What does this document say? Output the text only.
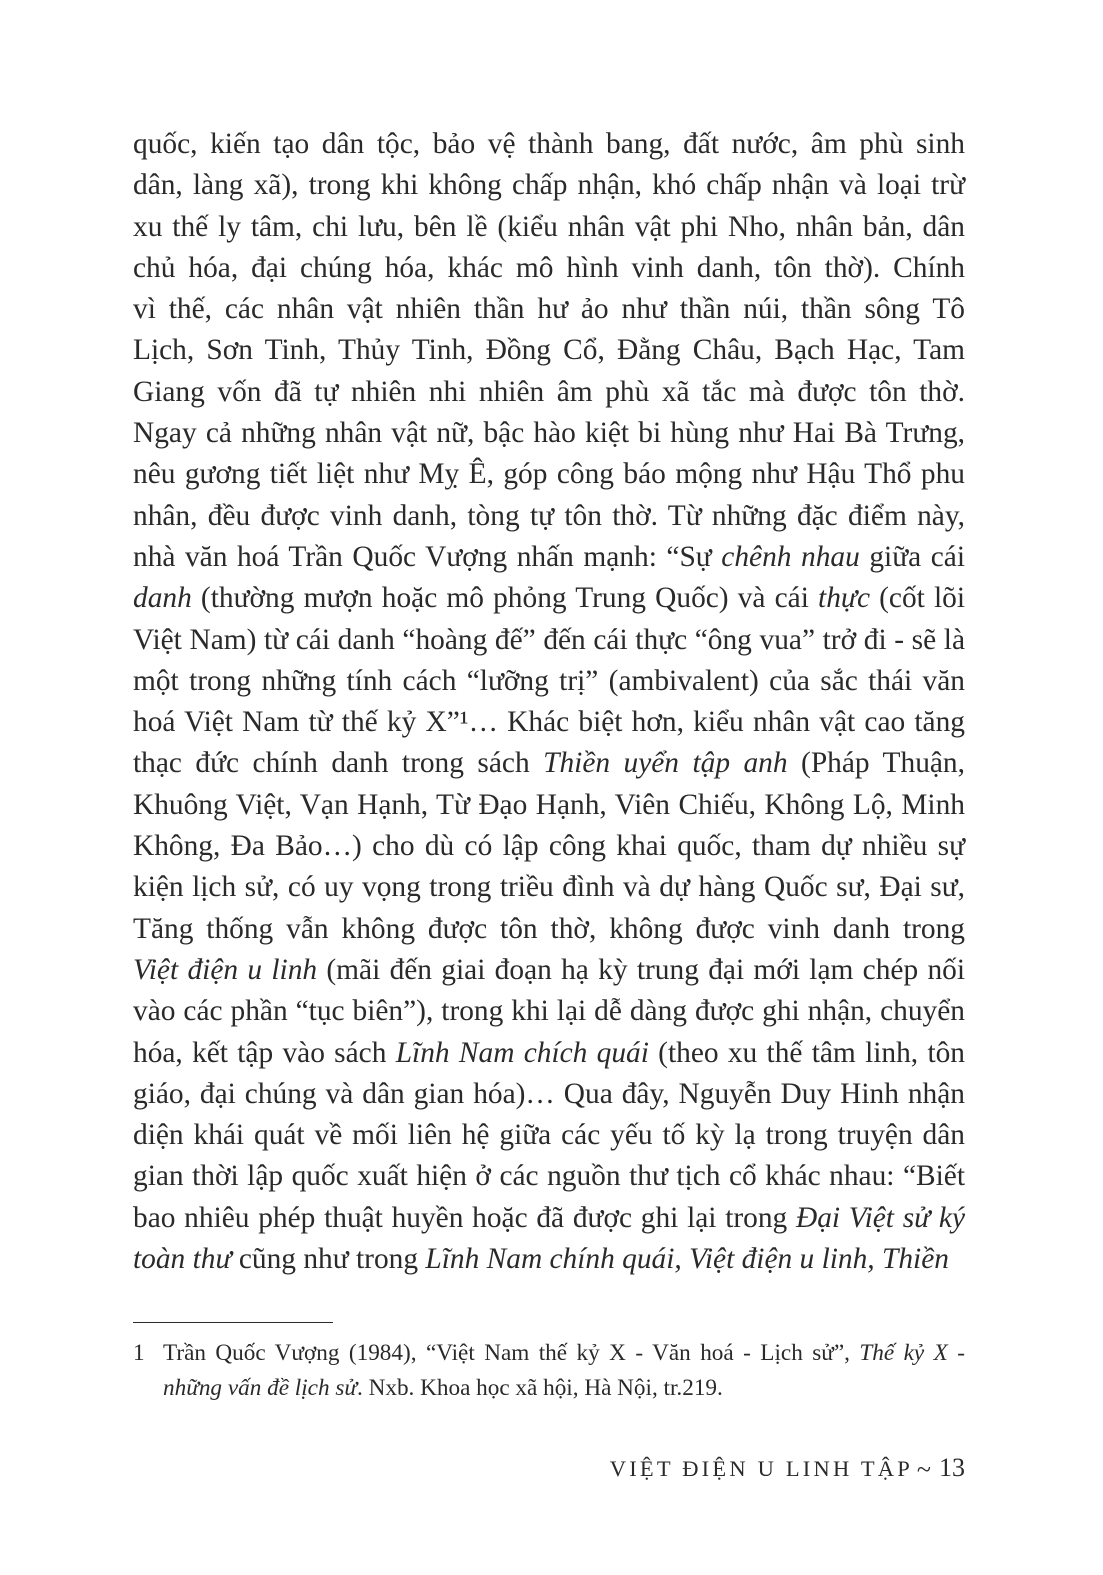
quốc, kiến tạo dân tộc, bảo vệ thành bang, đất nước, âm phù sinh
dân, làng xã), trong khi không chấp nhận, khó chấp nhận và loại trừ
xu thế ly tâm, chi lưu, bên lề (kiểu nhân vật phi Nho, nhân bản, dân
chủ hóa, đại chúng hóa, khác mô hình vinh danh, tôn thờ). Chính
vì thế, các nhân vật nhiên thần hư ảo như thần núi, thần sông Tô
Lịch, Sơn Tinh, Thủy Tinh, Đồng Cổ, Đằng Châu, Bạch Hạc, Tam
Giang vốn đã tự nhiên nhi nhiên âm phù xã tắc mà được tôn thờ.
Ngay cả những nhân vật nữ, bậc hào kiệt bi hùng như Hai Bà Trưng,
nêu gương tiết liệt như Mỵ Ê, góp công báo mộng như Hậu Thổ phu
nhân, đều được vinh danh, tòng tự tôn thờ. Từ những đặc điểm này,
nhà văn hoá Trần Quốc Vượng nhấn mạnh: “Sự chênh nhau giữa cái
danh (thường mượn hoặc mô phỏng Trung Quốc) và cái thực (cốt lõi
Việt Nam) từ cái danh “hoàng đế” đến cái thực “ông vua” trở đi - sẽ là
một trong những tính cách “lưỡng trị” (ambivalent) của sắc thái văn
hoá Việt Nam từ thế kỷ X”¹… Khác biệt hơn, kiểu nhân vật cao tăng
thạc đức chính danh trong sách Thiền uyển tập anh (Pháp Thuận,
Khuông Việt, Vạn Hạnh, Từ Đạo Hạnh, Viên Chiếu, Không Lộ, Minh
Không, Đa Bảo…) cho dù có lập công khai quốc, tham dự nhiều sự
kiện lịch sử, có uy vọng trong triều đình và dự hàng Quốc sư, Đại sư,
Tăng thống vẫn không được tôn thờ, không được vinh danh trong
Việt điện u linh (mãi đến giai đoạn hạ kỳ trung đại mới lạm chép nối
vào các phần “tục biên”), trong khi lại dễ dàng được ghi nhận, chuyển
hóa, kết tập vào sách Lĩnh Nam chích quái (theo xu thế tâm linh, tôn
giáo, đại chúng và dân gian hóa)… Qua đây, Nguyễn Duy Hinh nhận
diện khái quát về mối liên hệ giữa các yếu tố kỳ lạ trong truyện dân
gian thời lập quốc xuất hiện ở các nguồn thư tịch cổ khác nhau: “Biết
bao nhiêu phép thuật huyền hoặc đã được ghi lại trong Đại Việt sử ký
toàn thư cũng như trong Lĩnh Nam chính quái, Việt điện u linh, Thiền
1 Trần Quốc Vượng (1984), “Việt Nam thế kỷ X - Văn hoá - Lịch sử”, Thế kỷ X -
những vấn đề lịch sử. Nxb. Khoa học xã hội, Hà Nội, tr.219.
VIỆT ĐIỆN U LINH TẬP ~ 13
